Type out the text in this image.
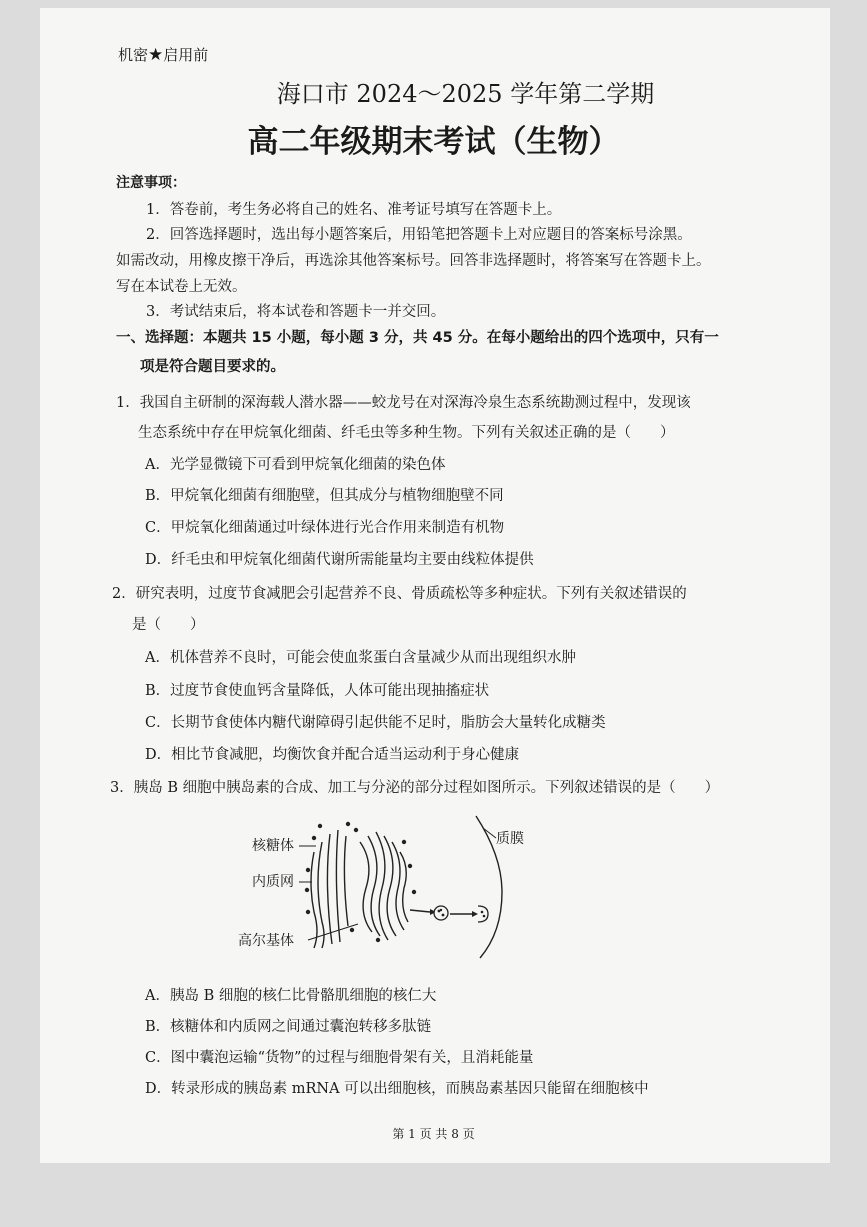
机密★启用前
海口市 2024～2025 学年第二学期
高二年级期末考试（生物）
注意事项：
1．答卷前，考生务必将自己的姓名、准考证号填写在答题卡上。
2．回答选择题时，选出每小题答案后，用铅笔把答题卡上对应题目的答案标号涂黑。
如需改动，用橡皮擦干净后，再选涂其他答案标号。回答非选择题时，将答案写在答题卡上。
写在本试卷上无效。
3．考试结束后，将本试卷和答题卡一并交回。
一、选择题：本题共 15 小题，每小题 3 分，共 45 分。在每小题给出的四个选项中，只有一
项是符合题目要求的。
1．我国自主研制的深海载人潜水器——蛟龙号在对深海冷泉生态系统勘测过程中，发现该
生态系统中存在甲烷氧化细菌、纤毛虫等多种生物。下列有关叙述正确的是（　　）
A．光学显微镜下可看到甲烷氧化细菌的染色体
B．甲烷氧化细菌有细胞壁，但其成分与植物细胞壁不同
C．甲烷氧化细菌通过叶绿体进行光合作用来制造有机物
D．纤毛虫和甲烷氧化细菌代谢所需能量均主要由线粒体提供
2．研究表明，过度节食减肥会引起营养不良、骨质疏松等多种症状。下列有关叙述错误的
是（　　）
A．机体营养不良时，可能会使血浆蛋白含量减少从而出现组织水肿
B．过度节食使血钙含量降低，人体可能出现抽搐症状
C．长期节食使体内糖代谢障碍引起供能不足时，脂肪会大量转化成糖类
D．相比节食减肥，均衡饮食并配合适当运动利于身心健康
3．胰岛 B 细胞中胰岛素的合成、加工与分泌的部分过程如图所示。下列叙述错误的是（　　）
核糖体
内质网
高尔基体
质膜
A．胰岛 B 细胞的核仁比骨骼肌细胞的核仁大
B．核糖体和内质网之间通过囊泡转移多肽链
C．图中囊泡运输“货物”的过程与细胞骨架有关，且消耗能量
D．转录形成的胰岛素 mRNA 可以出细胞核，而胰岛素基因只能留在细胞核中
第 1 页 共 8 页
